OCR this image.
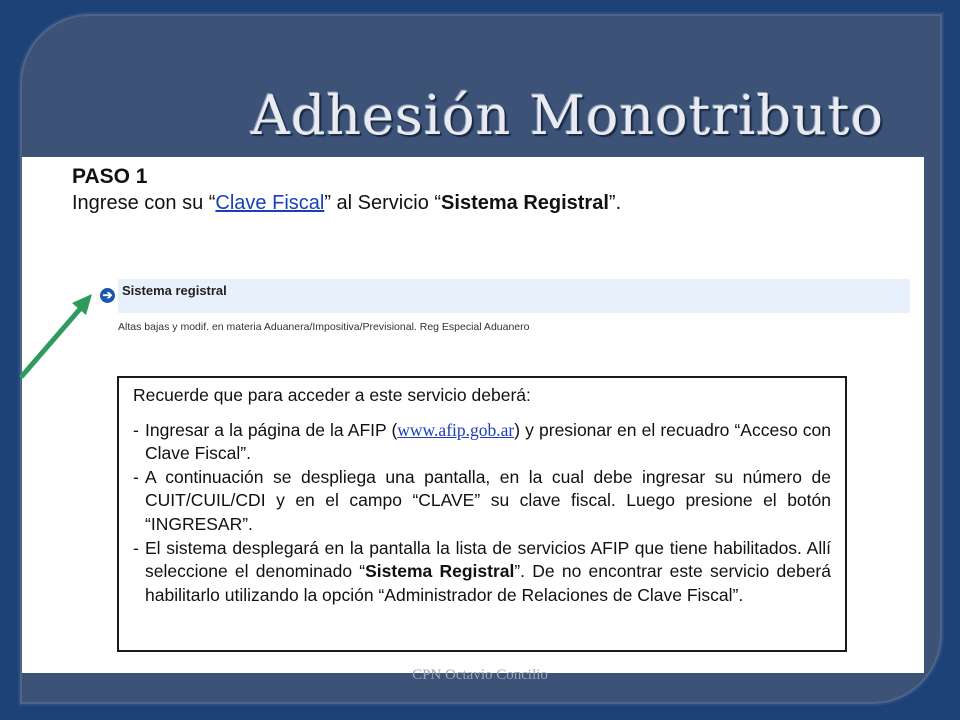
Adhesión Monotributo
PASO 1
Ingrese con su “Clave Fiscal” al Servicio “Sistema Registral”.
➔ Sistema registral
Altas bajas y modif. en materia Aduanera/Impositiva/Previsional. Reg Especial Aduanero

Recuerde que para acceder a este servicio deberá:

- Ingresar a la página de la AFIP (www.afip.gob.ar) y presionar en el recuadro “Acceso con Clave Fiscal”.

- A continuación se despliega una pantalla, en la cual debe ingresar su número de CUIT/CUIL/CDI y en el campo “CLAVE” su clave fiscal. Luego presione el botón “INGRESAR”.

- El sistema desplegará en la pantalla la lista de servicios AFIP que tiene habilitados. Allí seleccione el denominado “Sistema Registral”. De no encontrar este servicio deberá habilitarlo utilizando la opción “Administrador de Relaciones de Clave Fiscal”.

CPN Octavio Concilio
